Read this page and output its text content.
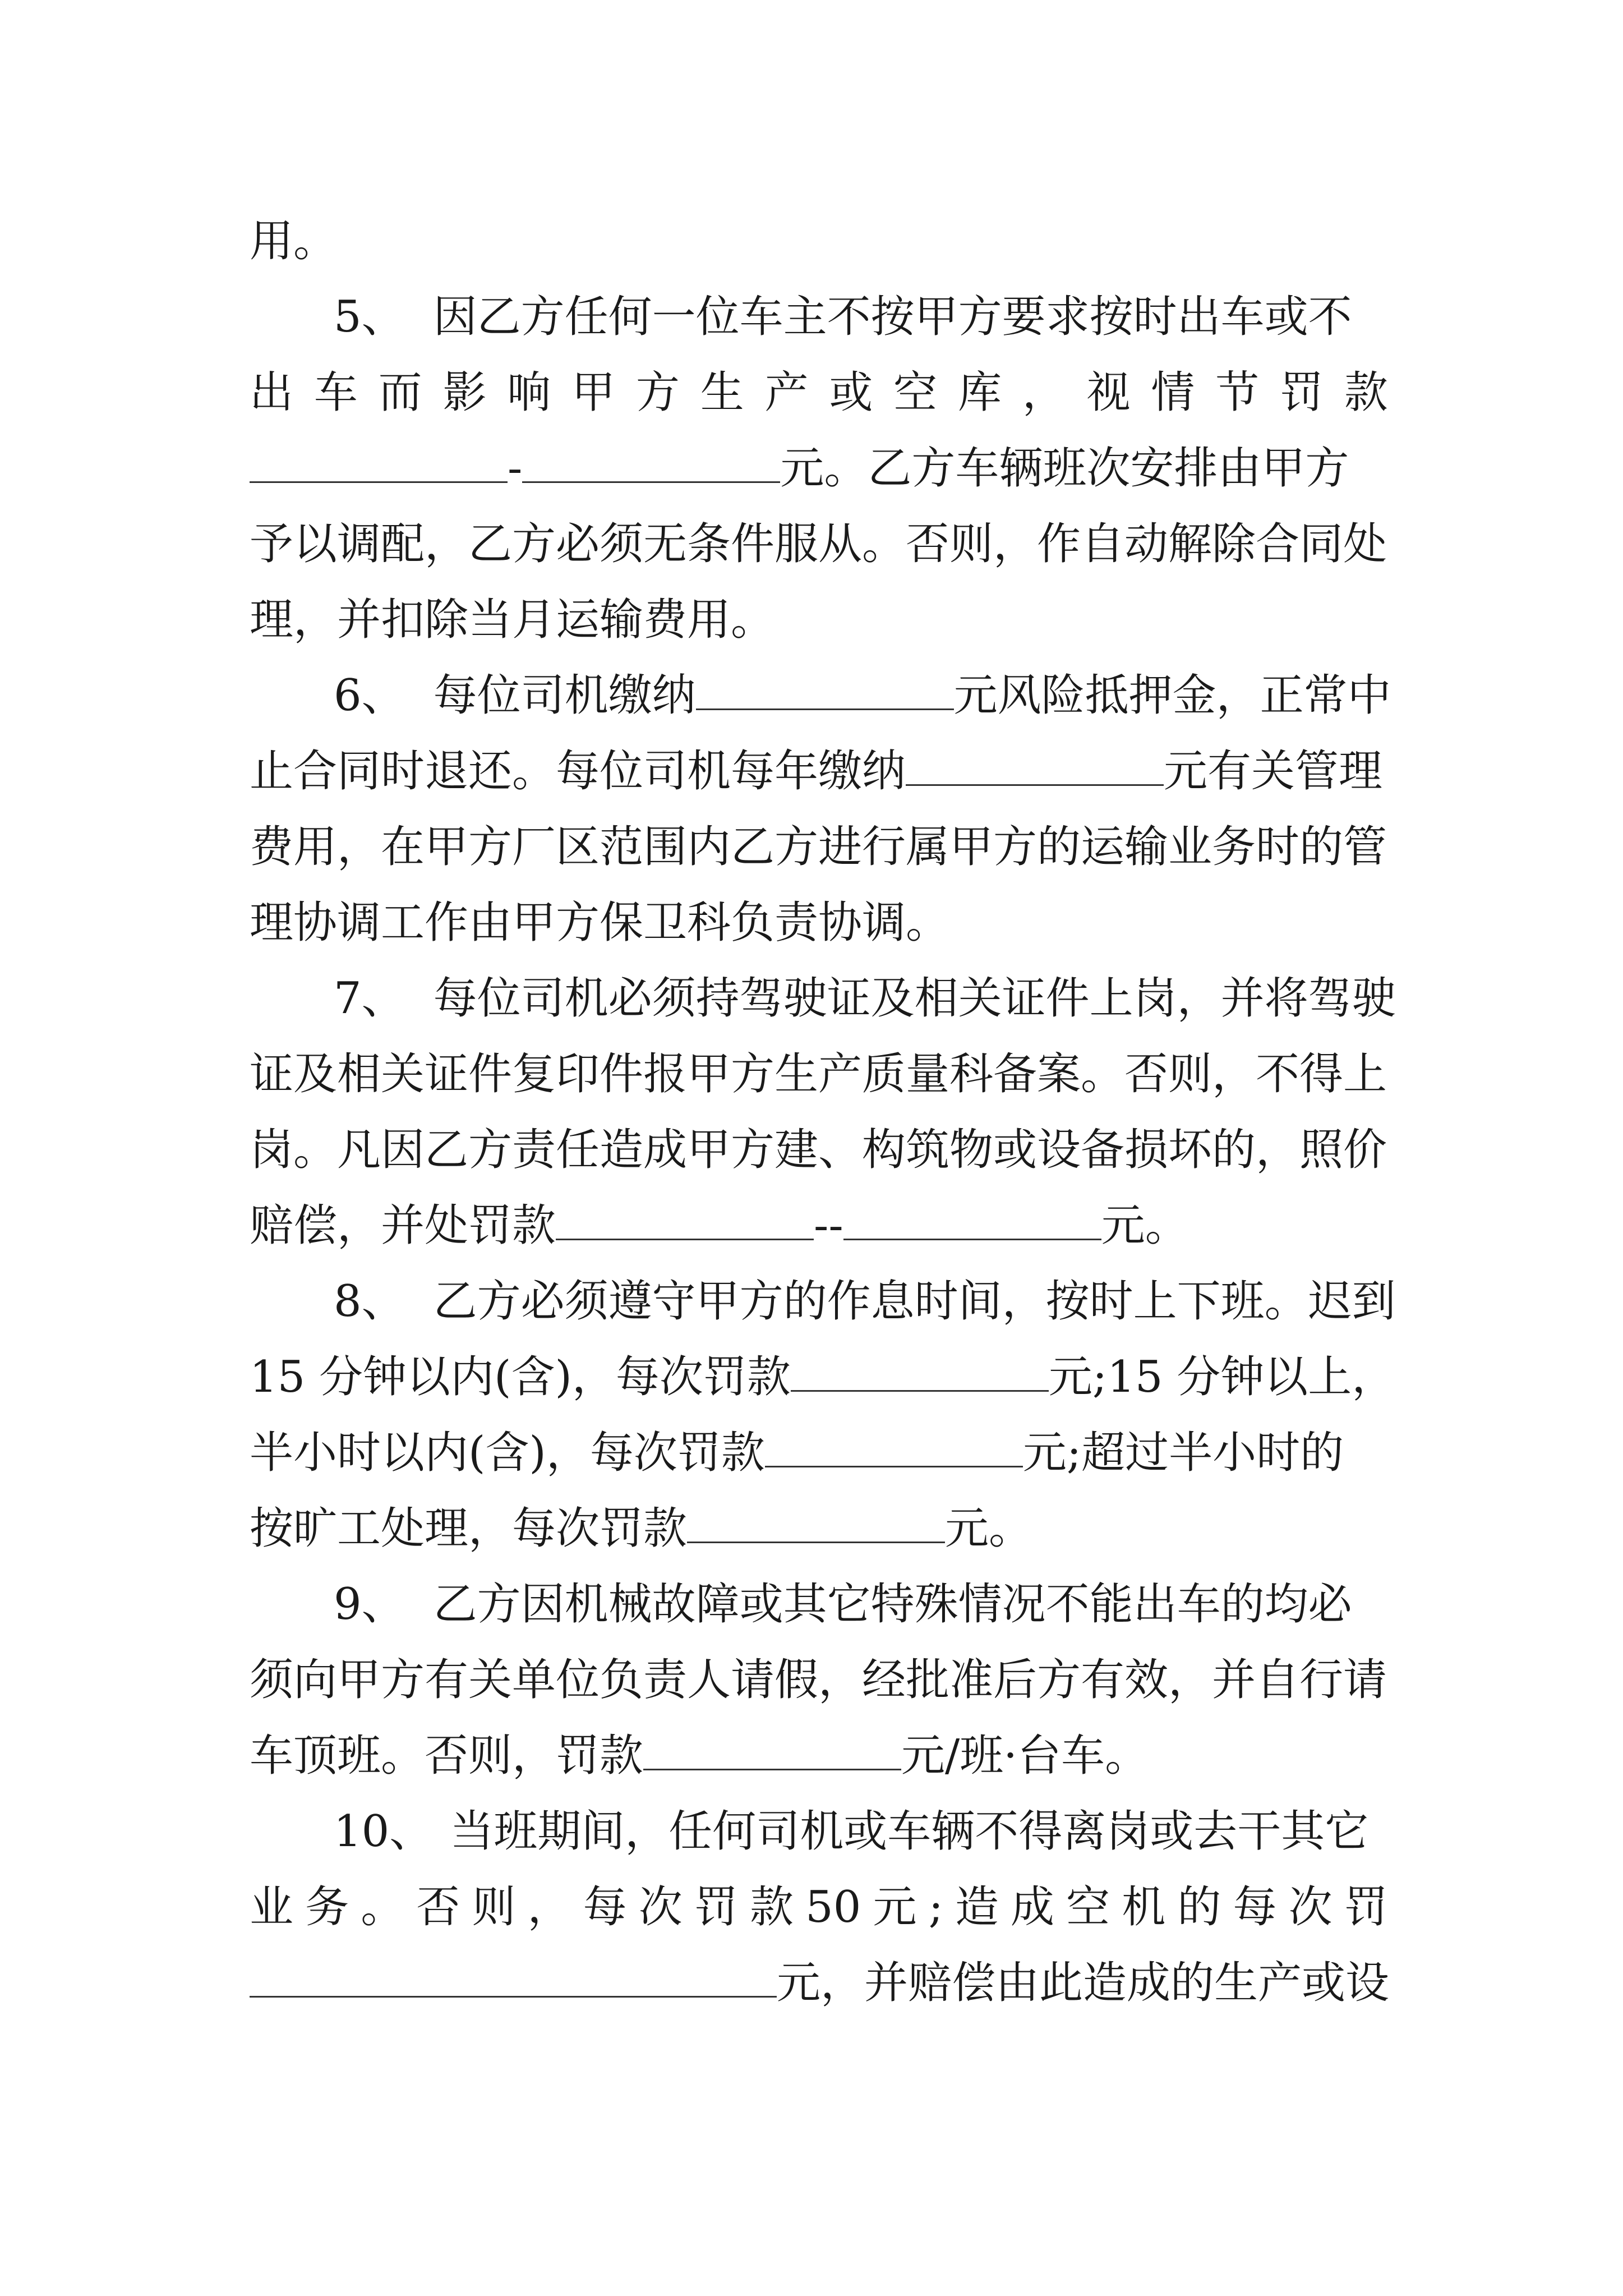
用。
5、 因乙方任何一位车主不按甲方要求按时出车或不
出 车 而 影 响 甲 方 生 产 或 空 库 ， 视 情 节 罚 款
-	元。乙方车辆班次安排由甲方
予以调配，乙方必须无条件服从。否则，作自动解除合同处
理，并扣除当月运输费用。
6、 每位司机缴纳	元风险抵押金，正常中
止合同时退还。每位司机每年缴纳	元有关管理
费用，在甲方厂区范围内乙方进行属甲方的运输业务时的管
理协调工作由甲方保卫科负责协调。
7、 每位司机必须持驾驶证及相关证件上岗，并将驾驶
证及相关证件复印件报甲方生产质量科备案。否则，不得上
岗。凡因乙方责任造成甲方建、构筑物或设备损坏的，照价
赔偿，并处罚款	--	元。
8、 乙方必须遵守甲方的作息时间，按时上下班。迟到
15 分钟以内(含)，每次罚款	元;15 分钟以上，
半小时以内(含)，每次罚款	元;超过半小时的
按旷工处理，每次罚款	元。
9、 乙方因机械故障或其它特殊情况不能出车的均必
须向甲方有关单位负责人请假，经批准后方有效，并自行请
车顶班。否则，罚款	元/班·台车。
10、 当班期间，任何司机或车辆不得离岗或去干其它
业 务 。 否 则 ， 每 次 罚 款 50 元 ; 造 成 空 机 的 每 次 罚
元，并赔偿由此造成的生产或设
